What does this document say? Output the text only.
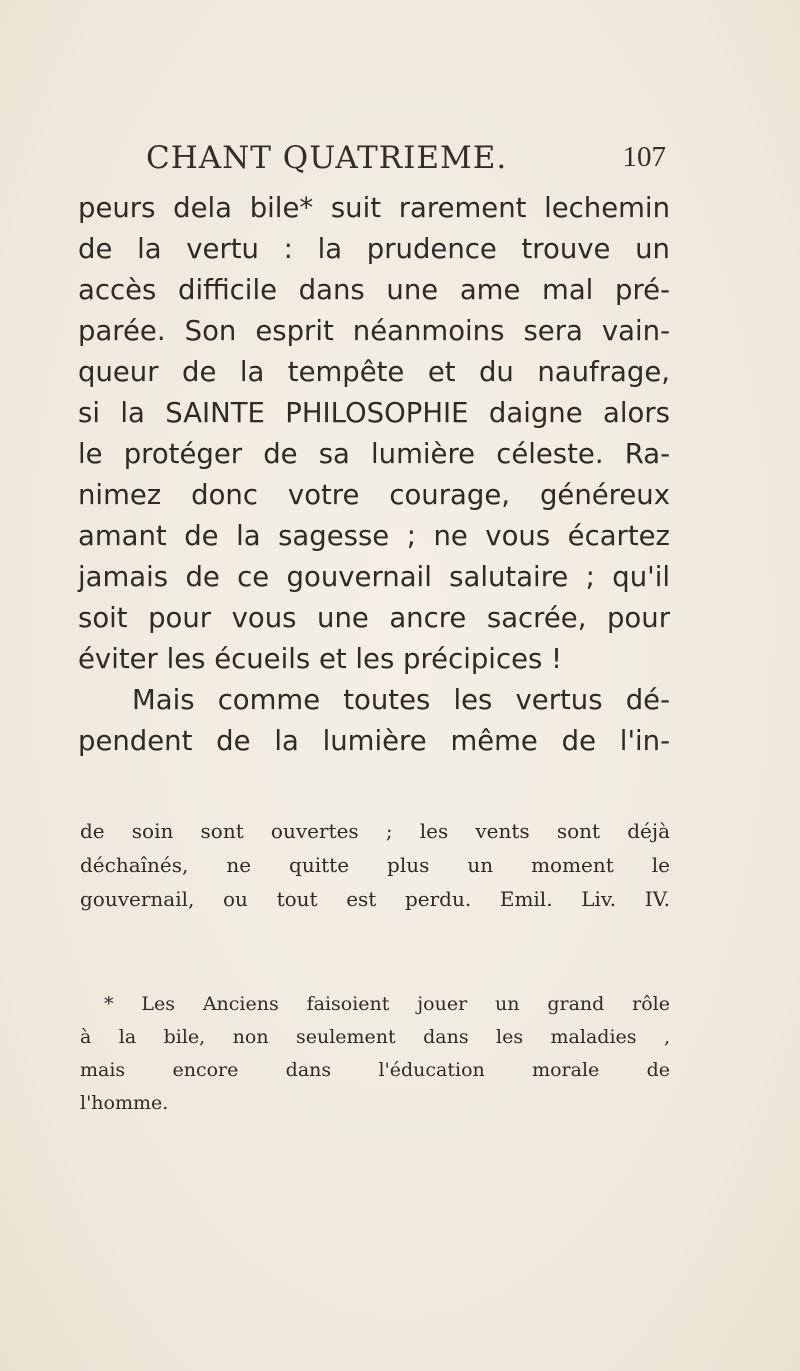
CHANT QUATRIEME.	107
peurs dela bile* suit rarement lechemin
de la vertu : la prudence trouve un
accès difficile dans une ame mal pré-
parée. Son esprit néanmoins sera vain-
queur de la tempête et du naufrage,
si la SAINTE PHILOSOPHIE daigne alors
le protéger de sa lumière céleste. Ra-
nimez donc votre courage, généreux
amant de la sagesse ; ne vous écartez
jamais de ce gouvernail salutaire ; qu'il
soit pour vous une ancre sacrée, pour
éviter les écueils et les précipices !
Mais comme toutes les vertus dé-
pendent de la lumière même de l'in-
de soin sont ouvertes ; les vents sont déjà
déchaînés, ne quitte plus un moment le
gouvernail, ou tout est perdu. Emil. Liv. IV.
* Les Anciens faisoient jouer un grand rôle
à la bile, non seulement dans les maladies ,
mais encore dans l'éducation morale de
l'homme.
